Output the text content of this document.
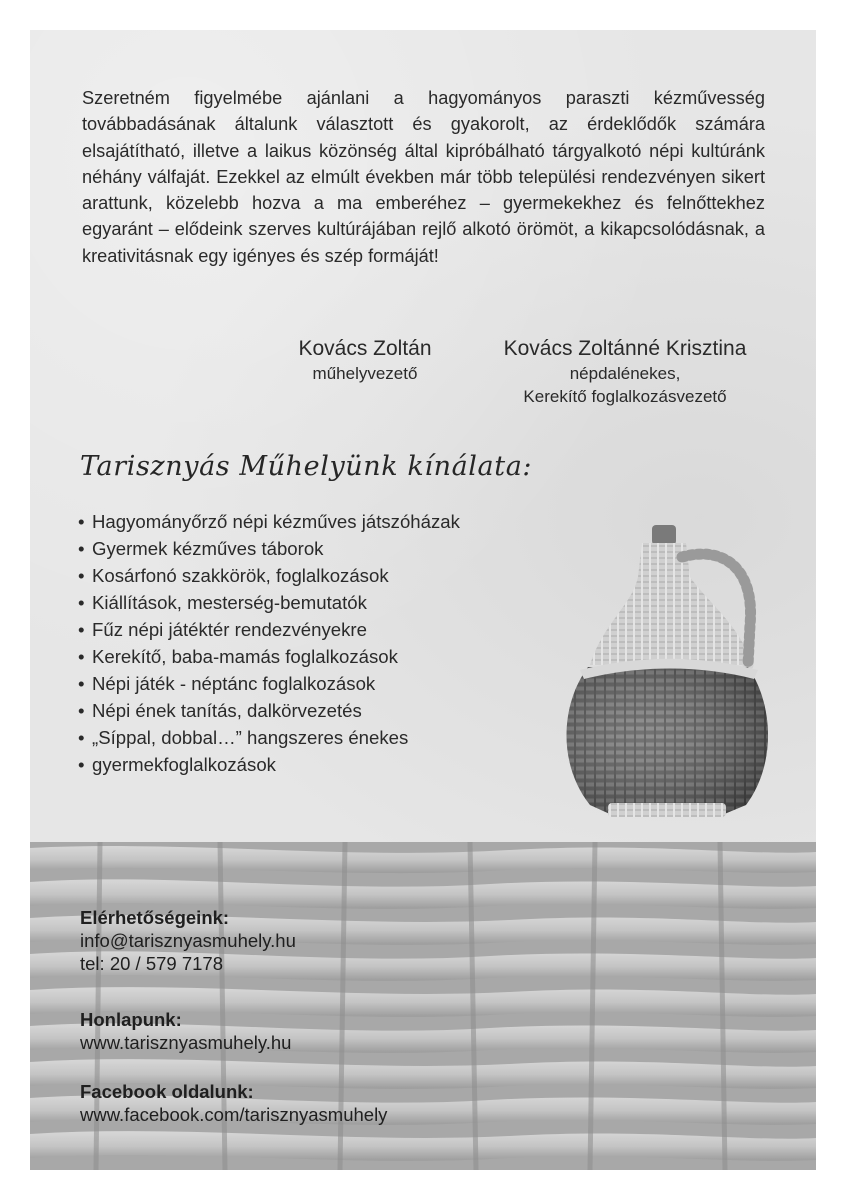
Szeretném figyelmébe ajánlani a hagyományos paraszti kézművesség továbbadásának általunk választott és gyakorolt, az érdeklődők számára elsajátítható, illetve a laikus közönség által kipróbálható tárgyalkotó népi kultúránk néhány válfaját. Ezekkel az elmúlt években már több települési rendezvényen sikert arattunk, közelebb hozva a ma emberéhez – gyermekekhez és felnőttekhez egyaránt – elődeink szerves kultúrájában rejlő alkotó örömöt, a kikapcsolódásnak, a kreativitásnak egy igényes és szép formáját!

Kovács Zoltán
műhelyvezető
Kovács Zoltánné Krisztina
népdalénekes,
Kerekítő foglalkozásvezető
Tarisznyás Műhelyünk kínálata:
• Hagyományőrző népi kézműves játszóházak
• Gyermek kézműves táborok
• Kosárfonó szakkörök, foglalkozások
• Kiállítások, mesterség-bemutatók
• Fűz népi játéktér rendezvényekre
• Kerekítő, baba-mamás foglalkozások
• Népi játék - néptánc foglalkozások
• Népi ének tanítás, dalkörvezetés
• „Síppal, dobbal…” hangszeres énekes
• gyermekfoglalkozások
Elérhetőségeink:
info@tarisznyasmuhely.hu
tel: 20 / 579 7178
Honlapunk:
www.tarisznyasmuhely.hu
Facebook oldalunk:
www.facebook.com/tarisznyasmuhely
